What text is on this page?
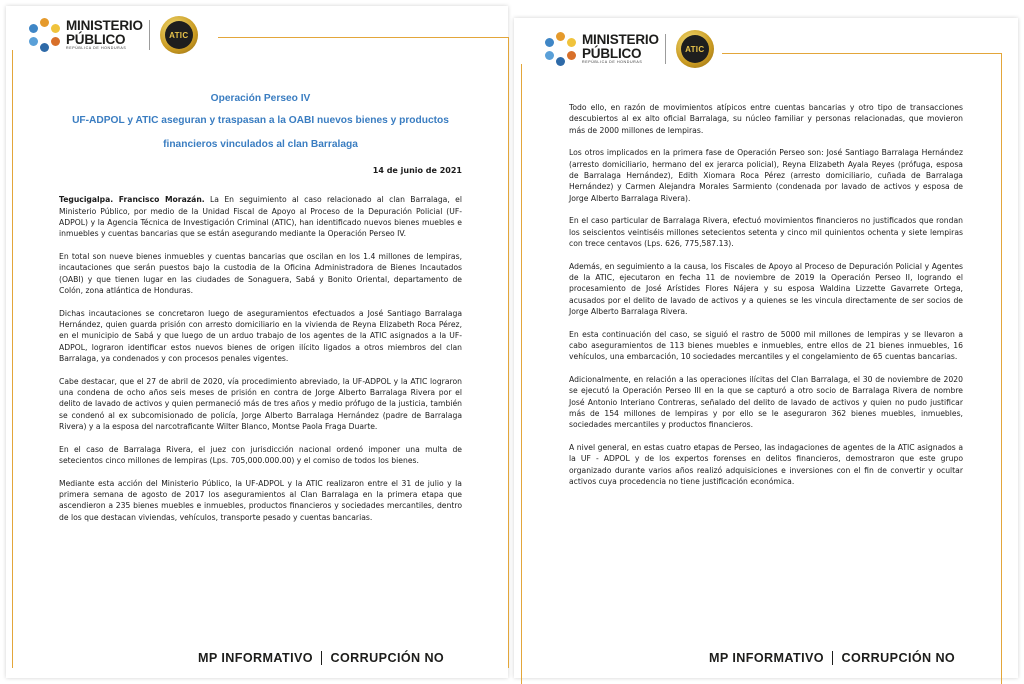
MINISTERIO
PÚBLICO
REPÚBLICA DE HONDURAS
ATIC

Operación Perseo IV

UF-ADPOL y ATIC aseguran y traspasan a la OABI nuevos bienes y productos

financieros vinculados al clan Barralaga

14 de junio de 2021

Tegucigalpa. Francisco Morazán. La En seguimiento al caso relacionado al clan Barralaga, el Ministerio Público, por medio de la Unidad Fiscal de Apoyo al Proceso de la Depuración Policial (UF-ADPOL) y la Agencia Técnica de Investigación Criminal (ATIC), han identificado nuevos bienes muebles e inmuebles y cuentas bancarias que se están asegurando mediante la Operación Perseo IV.

En total son nueve bienes inmuebles y cuentas bancarias que oscilan en los 1.4 millones de lempiras, incautaciones que serán puestos bajo la custodia de la Oficina Administradora de Bienes Incautados (OABI) y que tienen lugar en las ciudades de Sonaguera, Sabá y Bonito Oriental, departamento de Colón, zona atlántica de Honduras.

Dichas incautaciones se concretaron luego de aseguramientos efectuados a José Santiago Barralaga Hernández, quien guarda prisión con arresto domiciliario en la vivienda de Reyna Elizabeth Roca Pérez, en el municipio de Sabá y que luego de un arduo trabajo de los agentes de la ATIC asignados a la UF-ADPOL, lograron identificar estos nuevos bienes de origen ilícito ligados a otros miembros del clan Barralaga, ya condenados y con procesos penales vigentes.

Cabe destacar, que el 27 de abril de 2020, vía procedimiento abreviado, la UF-ADPOL y la ATIC lograron una condena de ocho años seis meses de prisión en contra de Jorge Alberto Barralaga Rivera por el delito de lavado de activos y quien permaneció más de tres años y medio prófugo de la justicia, también se condenó al ex subcomisionado de policía, Jorge Alberto Barralaga Hernández (padre de Barralaga Rivera) y a la esposa del narcotraficante Wilter Blanco, Montse Paola Fraga Duarte.

En el caso de Barralaga Rivera, el juez con jurisdicción nacional ordenó imponer una multa de setecientos cinco millones de lempiras (Lps. 705,000.000.00) y el comiso de todos los bienes.

Mediante esta acción del Ministerio Público, la UF-ADPOL y la ATIC realizaron entre el 31 de julio y la primera semana de agosto de 2017 los aseguramientos al Clan Barralaga en la primera etapa que ascendieron a 235 bienes muebles e inmuebles, productos financieros y sociedades mercantiles, dentro de los que destacan viviendas, vehículos, transporte pesado y cuentas bancarias.

MP INFORMATIVO CORRUPCIÓN NO
MINISTERIO
PÚBLICO
REPÚBLICA DE HONDURAS
ATIC

Todo ello, en razón de movimientos atípicos entre cuentas bancarias y otro tipo de transacciones descubiertos al ex alto oficial Barralaga, su núcleo familiar y personas relacionadas, que movieron más de 2000 millones de lempiras.

Los otros implicados en la primera fase de Operación Perseo son: José Santiago Barralaga Hernández (arresto domiciliario, hermano del ex jerarca policial), Reyna Elizabeth Ayala Reyes (prófuga, esposa de Barralaga Hernández), Edith Xiomara Roca Pérez (arresto domiciliario, cuñada de Barralaga Hernández) y Carmen Alejandra Morales Sarmiento (condenada por lavado de activos y esposa de Jorge Alberto Barralaga Rivera).

En el caso particular de Barralaga Rivera, efectuó movimientos financieros no justificados que rondan los seiscientos veintiséis millones setecientos setenta y cinco mil quinientos ochenta y siete lempiras con trece centavos (Lps. 626, 775,587.13).

Además, en seguimiento a la causa, los Fiscales de Apoyo al Proceso de Depuración Policial y Agentes de la ATIC, ejecutaron en fecha 11 de noviembre de 2019 la Operación Perseo II, logrando el procesamiento de José Arístides Flores Nájera y su esposa Waldina Lizzette Gavarrete Ortega, acusados por el delito de lavado de activos y a quienes se les vincula directamente de ser socios de Jorge Alberto Barralaga Rivera.

En esta continuación del caso, se siguió el rastro de 5000 mil millones de lempiras y se llevaron a cabo aseguramientos de 113 bienes muebles e inmuebles, entre ellos de 21 bienes inmuebles, 16 vehículos, una embarcación, 10 sociedades mercantiles y el congelamiento de 65 cuentas bancarias.

Adicionalmente, en relación a las operaciones ilícitas del Clan Barralaga, el 30 de noviembre de 2020 se ejecutó la Operación Perseo III en la que se capturó a otro socio de Barralaga Rivera de nombre José Antonio Interiano Contreras, señalado del delito de lavado de activos y quien no pudo justificar más de 154 millones de lempiras y por ello se le aseguraron 362 bienes muebles, inmuebles, sociedades mercantiles y productos financieros.

A nivel general, en estas cuatro etapas de Perseo, las indagaciones de agentes de la ATIC asignados a la UF - ADPOL y de los expertos forenses en delitos financieros, demostraron que este grupo organizado durante varios años realizó adquisiciones e inversiones con el fin de convertir y ocultar activos cuya procedencia no tiene justificación económica.

MP INFORMATIVO CORRUPCIÓN NO
